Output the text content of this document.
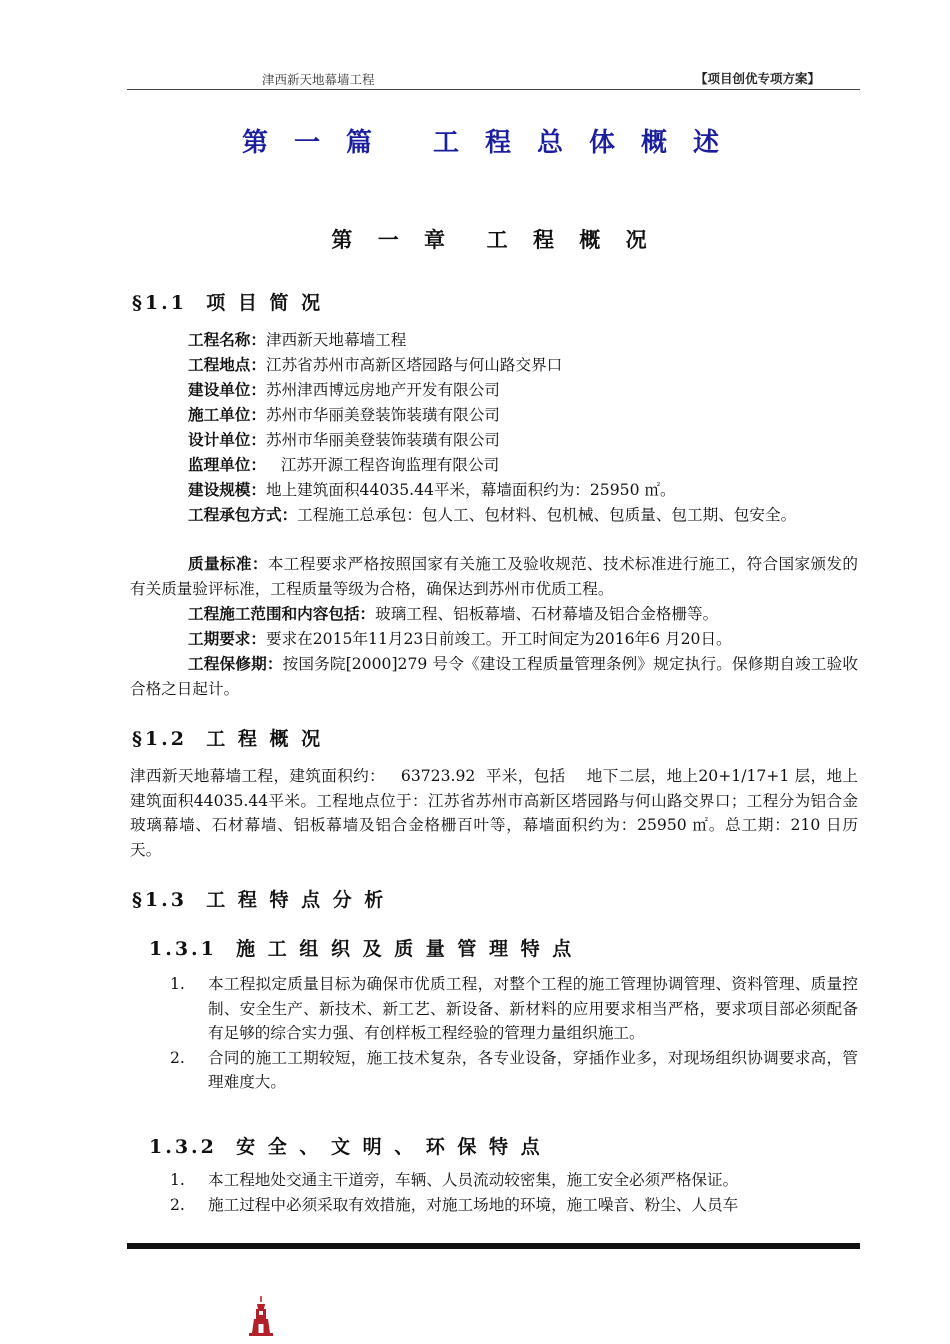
津西新天地幕墙工程	【项目创优专项方案】
第一篇 工程总体概述
第 一 章  工 程 概 况
§1.1  项 目 简 况
工程名称：津西新天地幕墙工程
工程地点：江苏省苏州市高新区塔园路与何山路交界口
建设单位：苏州津西博远房地产开发有限公司
施工单位：苏州市华丽美登装饰装璜有限公司
设计单位：苏州市华丽美登装饰装璜有限公司
监理单位：   江苏开源工程咨询监理有限公司
建设规模：地上建筑面积44035.44平米，幕墙面积约为：25950 ㎡。
工程承包方式：工程施工总承包：包人工、包材料、包机械、包质量、包工期、包安全。
质量标准：本工程要求严格按照国家有关施工及验收规范、技术标准进行施工，符合国家颁发的有关质量验评标准，工程质量等级为合格，确保达到苏州市优质工程。
工程施工范围和内容包括：玻璃工程、铝板幕墙、石材幕墙及铝合金格栅等。
工期要求：要求在2015年11月23日前竣工。开工时间定为2016年6 月20日。
工程保修期：按国务院[2000]279 号令《建设工程质量管理条例》规定执行。保修期自竣工验收合格之日起计。
§1.2  工 程 概 况
津西新天地幕墙工程，建筑面积约：   63723.92  平米，包括    地下二层，地上20+1/17+1 层，地上建筑面积44035.44平米。工程地点位于：江苏省苏州市高新区塔园路与何山路交界口；工程分为铝合金玻璃幕墙、石材幕墙、铝板幕墙及铝合金格栅百叶等，幕墙面积约为：25950 ㎡。总工期：210 日历天。
§1.3  工 程 特 点 分 析
1.3.1  施 工 组 织 及 质 量 管 理 特 点
1. 本工程拟定质量目标为确保市优质工程，对整个工程的施工管理协调管理、资料管理、质量控制、安全生产、新技术、新工艺、新设备、新材料的应用要求相当严格，要求项目部必须配备有足够的综合实力强、有创样板工程经验的管理力量组织施工。
2. 合同的施工工期较短，施工技术复杂，各专业设备，穿插作业多，对现场组织协调要求高，管理难度大。
1.3.2  安 全 、 文 明 、 环 保 特 点
1. 本工程地处交通主干道旁，车辆、人员流动较密集，施工安全必须严格保证。
2. 施工过程中必须采取有效措施，对施工场地的环境，施工噪音、粉尘、人员车
